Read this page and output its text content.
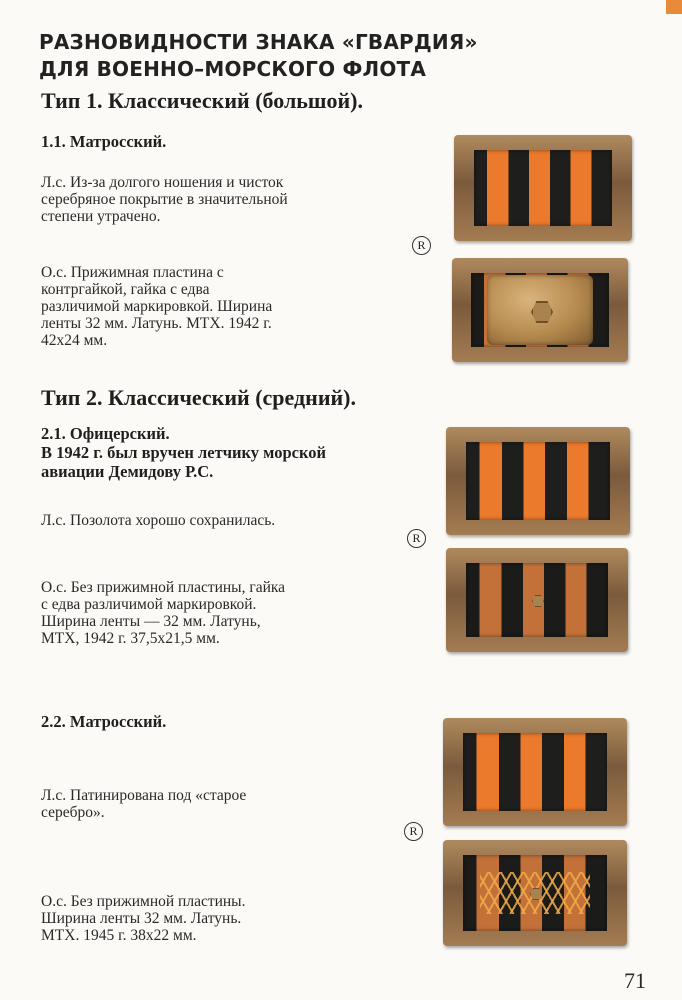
РАЗНОВИДНОСТИ ЗНАКА «ГВАРДИЯ»
ДЛЯ ВОЕННО–МОРСКОГО ФЛОТА
Тип 1. Классический (большой).
1.1. Матросский.
Л.с. Из-за долгого ношения и чисток
серебряное покрытие в значительной
степени утрачено.
О.с. Прижимная пластина с
контргайкой, гайка с едва
различимой маркировкой. Ширина
ленты 32 мм. Латунь. МТХ. 1942 г.
42х24 мм.
R
Тип 2. Классический (средний).
2.1. Офицерский.
В 1942 г. был вручен летчику морской
авиации Демидову Р.С.
Л.с. Позолота хорошо сохранилась.
О.с. Без прижимной пластины, гайка
с едва различимой маркировкой.
Ширина ленты — 32 мм. Латунь,
МТХ, 1942 г. 37,5х21,5 мм.
R
2.2. Матросский.
Л.с. Патинирована под «старое
серебро».
О.с. Без прижимной пластины.
Ширина ленты 32 мм. Латунь.
МТХ. 1945 г. 38х22 мм.
R
71
